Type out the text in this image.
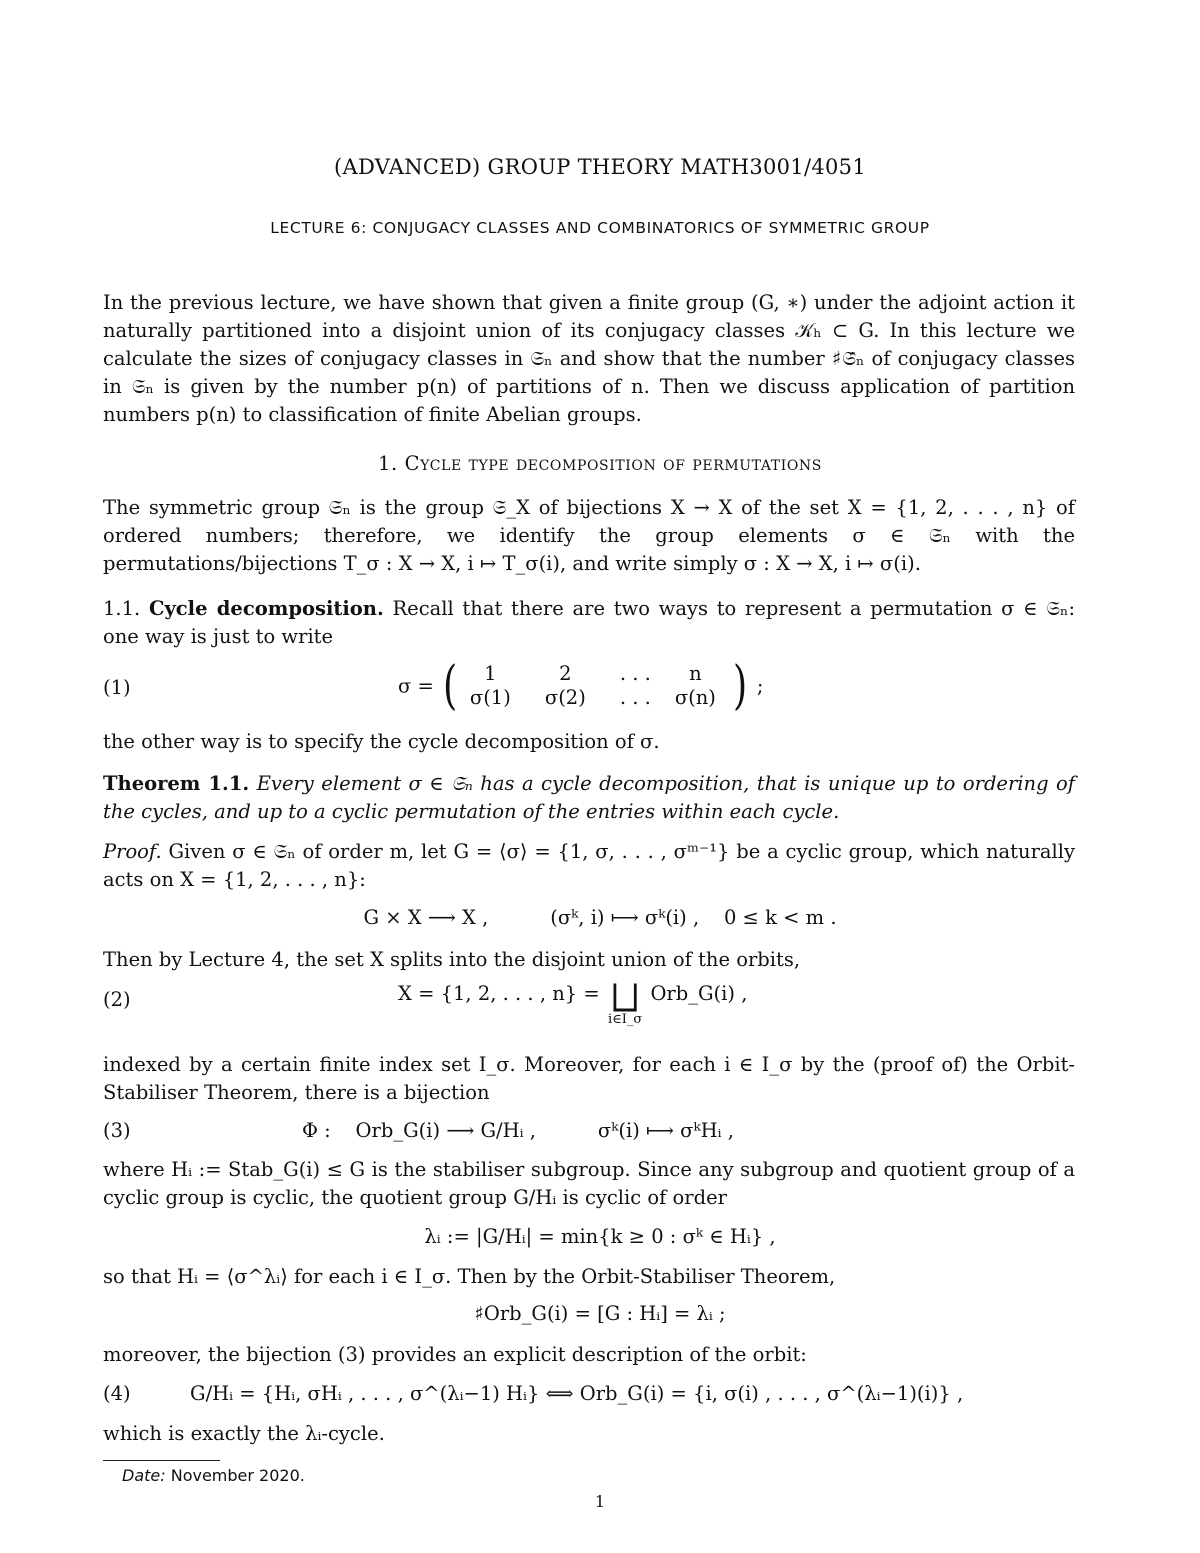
(ADVANCED) GROUP THEORY MATH3001/4051
LECTURE 6: CONJUGACY CLASSES AND COMBINATORICS OF SYMMETRIC GROUP
In the previous lecture, we have shown that given a finite group (G, ∗) under the adjoint action it naturally partitioned into a disjoint union of its conjugacy classes 𝒦ₕ ⊂ G. In this lecture we calculate the sizes of conjugacy classes in 𝔖ₙ and show that the number ♯𝔖̂ₙ of conjugacy classes in 𝔖ₙ is given by the number p(n) of partitions of n. Then we discuss application of partition numbers p(n) to classification of finite Abelian groups.
1. Cycle type decomposition of permutations
The symmetric group 𝔖ₙ is the group 𝔖_X of bijections X → X of the set X = {1, 2, . . . , n} of ordered numbers; therefore, we identify the group elements σ ∈ 𝔖ₙ with the permutations/bijections T_σ : X → X, i ↦ T_σ(i), and write simply σ : X → X, i ↦ σ(i).
1.1. Cycle decomposition. Recall that there are two ways to represent a permutation σ ∈ 𝔖ₙ: one way is just to write
(1)	σ = (	1	2	. . .	n
σ(1)	σ(2)	. . .	σ(n) ) ;
the other way is to specify the cycle decomposition of σ.
Theorem 1.1. Every element σ ∈ 𝔖ₙ has a cycle decomposition, that is unique up to ordering of the cycles, and up to a cyclic permutation of the entries within each cycle.
Proof. Given σ ∈ 𝔖ₙ of order m, let G = ⟨σ⟩ = {1, σ, . . . , σᵐ⁻¹} be a cyclic group, which naturally acts on X = {1, 2, . . . , n}:
G × X ⟶ X ,          (σᵏ, i) ⟼ σᵏ(i) ,    0 ≤ k < m .
Then by Lecture 4, the set X splits into the disjoint union of the orbits,
(2)	X = {1, 2, . . . , n} = ⨆
i∈I_σ
Orb_G(i) ,
indexed by a certain finite index set I_σ. Moreover, for each i ∈ I_σ by the (proof of) the Orbit-Stabiliser Theorem, there is a bijection
(3)	Φ :    Orb_G(i) ⟶ G/Hᵢ ,          σᵏ(i) ⟼ σᵏHᵢ ,
where Hᵢ := Stab_G(i) ≤ G is the stabiliser subgroup. Since any subgroup and quotient group of a cyclic group is cyclic, the quotient group G/Hᵢ is cyclic of order
λᵢ := |G/Hᵢ| = min{k ≥ 0 : σᵏ ∈ Hᵢ} ,
so that Hᵢ = ⟨σ^λᵢ⟩ for each i ∈ I_σ. Then by the Orbit-Stabiliser Theorem,
♯Orb_G(i) = [G : Hᵢ] = λᵢ ;
moreover, the bijection (3) provides an explicit description of the orbit:
(4)	G/Hᵢ = {Hᵢ, σHᵢ , . . . , σ^(λᵢ−1) Hᵢ} ⟺ Orb_G(i) = {i, σ(i) , . . . , σ^(λᵢ−1)(i)} ,
which is exactly the λᵢ-cycle.
Date: November 2020.
1
